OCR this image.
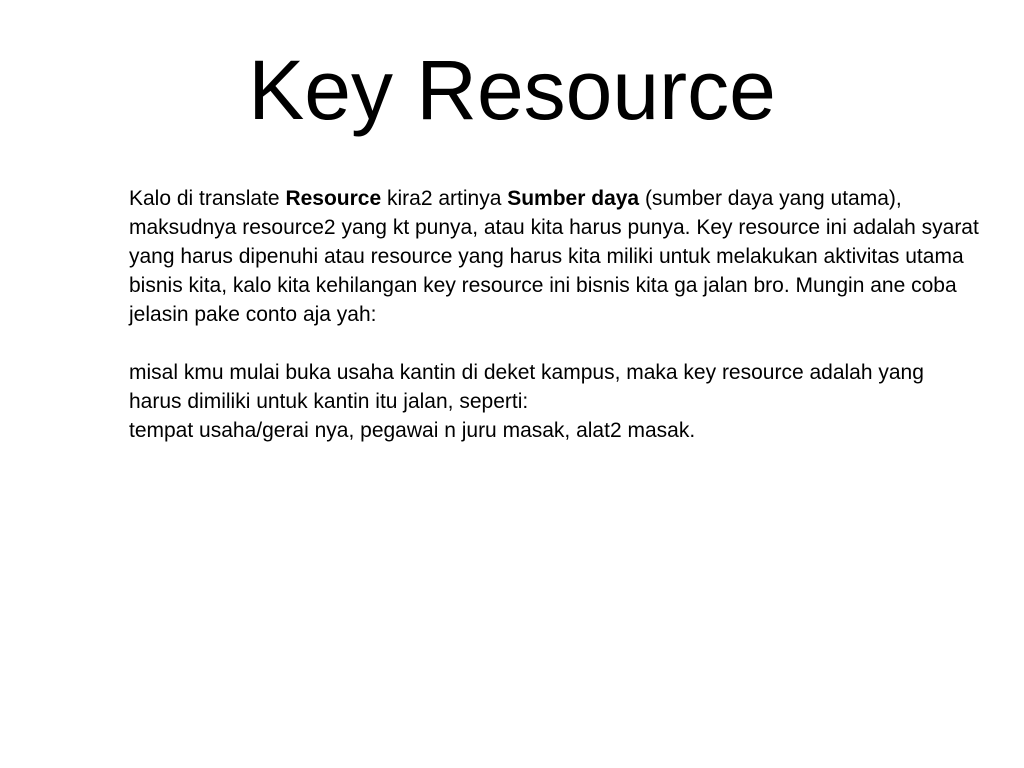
Key Resource

Kalo di translate Resource kira2 artinya Sumber daya (sumber daya yang utama), maksudnya resource2 yang kt punya, atau kita harus punya. Key resource ini adalah syarat yang harus dipenuhi atau resource yang harus kita miliki untuk melakukan aktivitas utama bisnis kita, kalo kita kehilangan key resource ini bisnis kita ga jalan bro. Mungin ane coba jelasin pake conto aja yah:

misal kmu mulai buka usaha kantin di deket kampus, maka key resource adalah yang harus dimiliki untuk kantin itu jalan, seperti:

tempat usaha/gerai nya, pegawai n juru masak, alat2 masak.
